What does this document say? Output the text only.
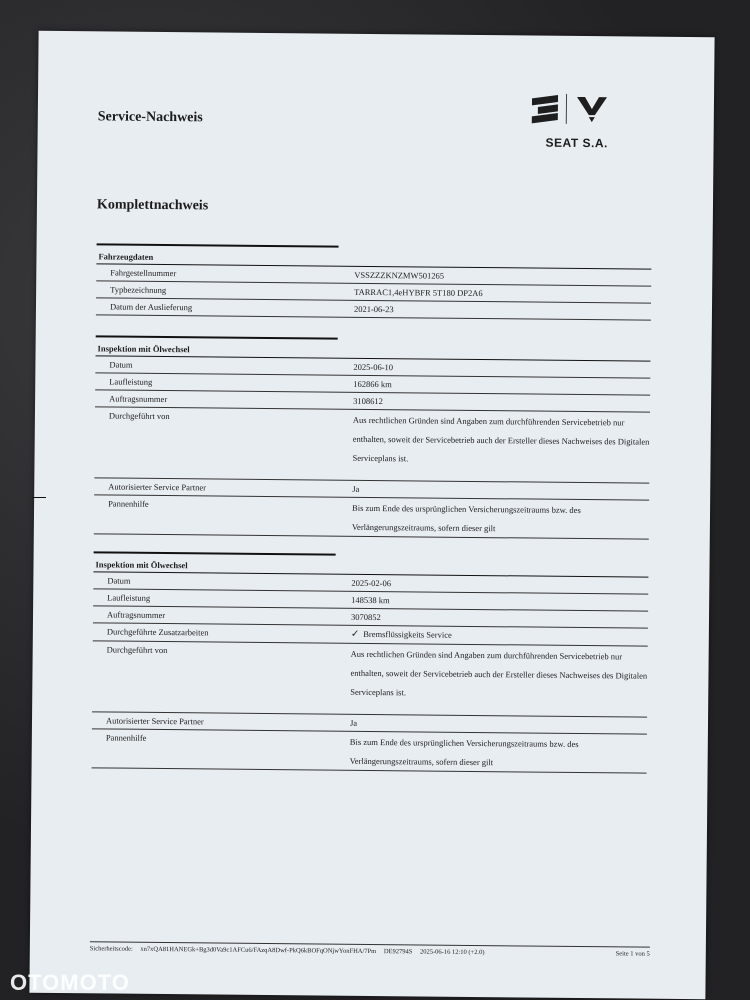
Service-Nachweis
SEAT S.A.
Komplettnachweis
Fahrzeugdaten
Fahrgestellnummer	VSSZZZKNZMW501265
Typbezeichnung	TARRAC1,4eHYBFR 5T180 DP2A6
Datum der Auslieferung	2021-06-23
Inspektion mit Ölwechsel
Datum	2025-06-10
Laufleistung	162866 km
Auftragsnummer	3108612
Durchgeführt von	Aus rechtlichen Gründen sind Angaben zum durchführenden Servicebetrieb nur enthalten, soweit der Servicebetrieb auch der Ersteller dieses Nachweises des Digitalen Serviceplans ist.
Autorisierter Service Partner	Ja
Pannenhilfe	Bis zum Ende des ursprünglichen Versicherungszeitraums bzw. des Verlängerungszeitraums, sofern dieser gilt
Inspektion mit Ölwechsel
Datum	2025-02-06
Laufleistung	148538 km
Auftragsnummer	3070852
Durchgeführte Zusatzarbeiten	✓ Bremsflüssigkeits Service
Durchgeführt von	Aus rechtlichen Gründen sind Angaben zum durchführenden Servicebetrieb nur enthalten, soweit der Servicebetrieb auch der Ersteller dieses Nachweises des Digitalen Serviceplans ist.
Autorisierter Service Partner	Ja
Pannenhilfe	Bis zum Ende des ursprünglichen Versicherungszeitraums bzw. des Verlängerungszeitraums, sofern dieser gilt
Sicherheitscode: xn7xQA81HANEGk+Bg3d0Va9c1AFCu6/FAzqA8Dwf-PkQ6kBOFqONjwYonFHA/7Pm DE92794S 2025-06-16 12:10 (+2.0)	Seite 1 von 5
OTOMOTO
